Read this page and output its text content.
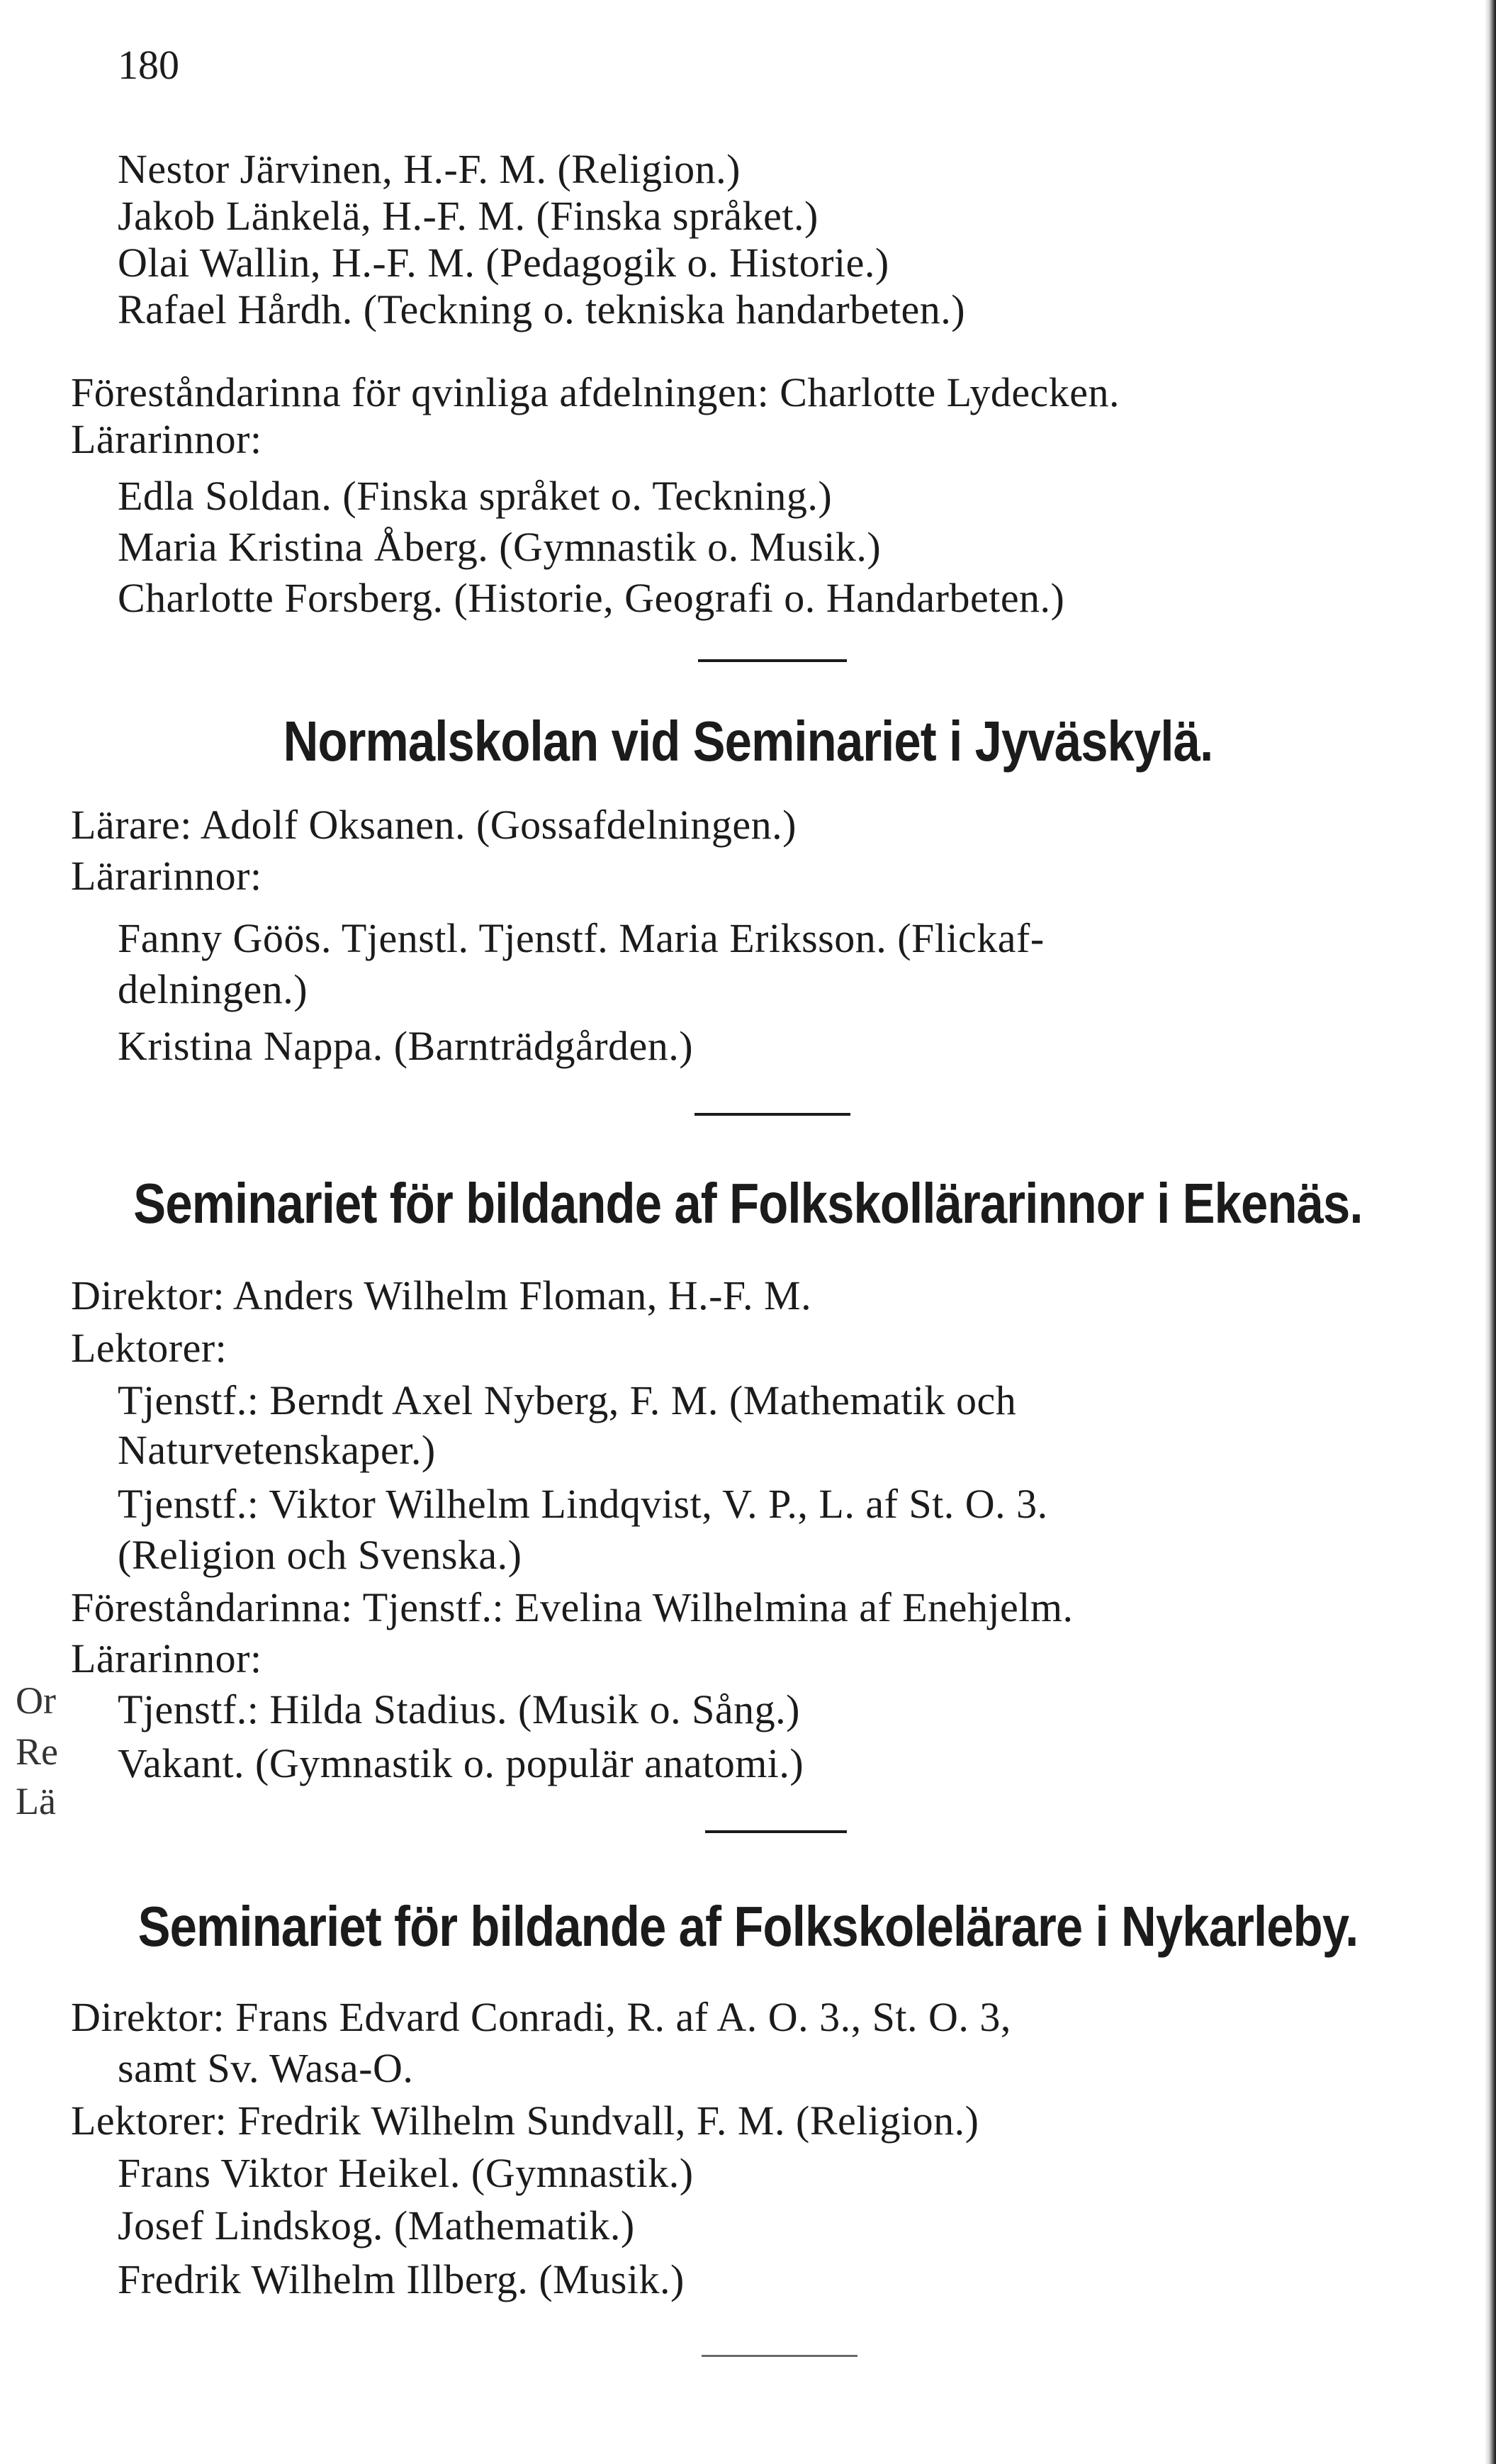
180
Nestor Järvinen, H.-F. M. (Religion.)
Jakob Länkelä, H.-F. M. (Finska språket.)
Olai Wallin, H.-F. M. (Pedagogik o. Historie.)
Rafael Hårdh. (Teckning o. tekniska handarbeten.)
Föreståndarinna för qvinliga afdelningen: Charlotte Lydecken.
Lärarinnor:
Edla Soldan. (Finska språket o. Teckning.)
Maria Kristina Åberg. (Gymnastik o. Musik.)
Charlotte Forsberg. (Historie, Geografi o. Handarbeten.)
Normalskolan vid Seminariet i Jyväskylä.
Lärare: Adolf Oksanen. (Gossafdelningen.)
Lärarinnor:
Fanny Göös. Tjenstl. Tjenstf. Maria Eriksson. (Flickaf-
delningen.)
Kristina Nappa. (Barnträdgården.)
Seminariet för bildande af Folkskollärarinnor i Ekenäs.
Direktor: Anders Wilhelm Floman, H.-F. M.
Lektorer:
Tjenstf.: Berndt Axel Nyberg, F. M. (Mathematik och
Naturvetenskaper.)
Tjenstf.: Viktor Wilhelm Lindqvist, V. P., L. af St. O. 3.
(Religion och Svenska.)
Föreståndarinna: Tjenstf.: Evelina Wilhelmina af Enehjelm.
Lärarinnor:
Tjenstf.: Hilda Stadius. (Musik o. Sång.)
Vakant. (Gymnastik o. populär anatomi.)
Or
Re
Lä
Seminariet för bildande af Folkskolelärare i Nykarleby.
Direktor: Frans Edvard Conradi, R. af A. O. 3., St. O. 3,
samt Sv. Wasa-O.
Lektorer: Fredrik Wilhelm Sundvall, F. M. (Religion.)
Frans Viktor Heikel. (Gymnastik.)
Josef Lindskog. (Mathematik.)
Fredrik Wilhelm Illberg. (Musik.)
